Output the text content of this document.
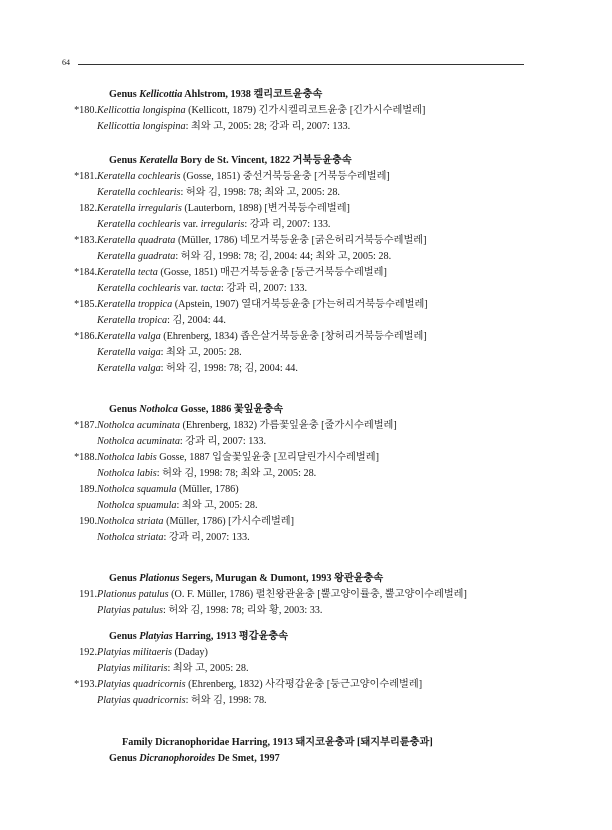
64
Genus Kellicottia Ahlstrom, 1938 켈리코트윤충속
*180. Kellicottia longispina (Kellicott, 1879) 긴가시켈리코트윤충 [긴가시수레벌레]
Kellicottia longispina: 최와 고, 2005: 28; 강과 리, 2007: 133.
Genus Keratella Bory de St. Vincent, 1822 거북등윤충속
*181. Keratella cochlearis (Gosse, 1851) 중선거북등윤충 [거북등수레벌레]
Keratella cochlearis: 허와 김, 1998: 78; 최와 고, 2005: 28.
182. Keratella irregularis (Lauterborn, 1898) [변거북등수레벌레]
Keratella cochlearis var. irregularis: 강과 리, 2007: 133.
*183. Keratella quadrata (Müller, 1786) 네모거북등윤충 [굵은허리거북등수레벌레]
Keratella guadrata: 허와 김, 1998: 78; 김, 2004: 44; 최와 고, 2005: 28.
*184. Keratella tecta (Gosse, 1851) 매끈거북등윤충 [둥근거북등수레벌레]
Keratella cochlearis var. tacta: 강과 리, 2007: 133.
*185. Keratella troppica (Apstein, 1907) 열대거북등윤충 [가는허리거북등수레벌레]
Keratella tropica: 김, 2004: 44.
*186. Keratella valga (Ehrenberg, 1834) 좁은살거북등윤충 [창허리거북등수레벌레]
Keratella vaiga: 최와 고, 2005: 28.
Keratella valga: 허와 김, 1998: 78; 김, 2004: 44.
Genus Notholca Gosse, 1886 꽃잎윤충속
*187. Notholca acuminata (Ehrenberg, 1832) 가름꽃잎윤충 [줄가시수레벌레]
Notholca acuminata: 강과 리, 2007: 133.
*188. Notholca labis Gosse, 1887 입술꽃잎윤충 [꼬리달린가시수레벌레]
Notholca labis: 허와 김, 1998: 78; 최와 고, 2005: 28.
189. Notholca squamula (Müller, 1786)
Notholca spuamula: 최와 고, 2005: 28.
190. Notholca striata (Müller, 1786) [가시수레벌레]
Notholca striata: 강과 리, 2007: 133.
Genus Plationus Segers, Murugan & Dumont, 1993 왕관윤충속
191. Plationus patulus (O. F. Müller, 1786) 펼친왕관윤충 [뿔고양이률충, 뿔고양이수레벌레]
Platyias patulus: 허와 김, 1998: 78; 리와 황, 2003: 33.
Genus Platyias Harring, 1913 평갑윤충속
192. Platyias militaeris (Daday)
Platyias militaris: 최와 고, 2005: 28.
*193. Platyias quadricornis (Ehrenberg, 1832) 사각평갑윤충 [둥근고양이수레벌레]
Platyias quadricornis: 허와 김, 1998: 78.
Family Dicranophoridae Harring, 1913 돼지코윤충과 [돼지부리륜충과]
Genus Dicranophoroides De Smet, 1997
